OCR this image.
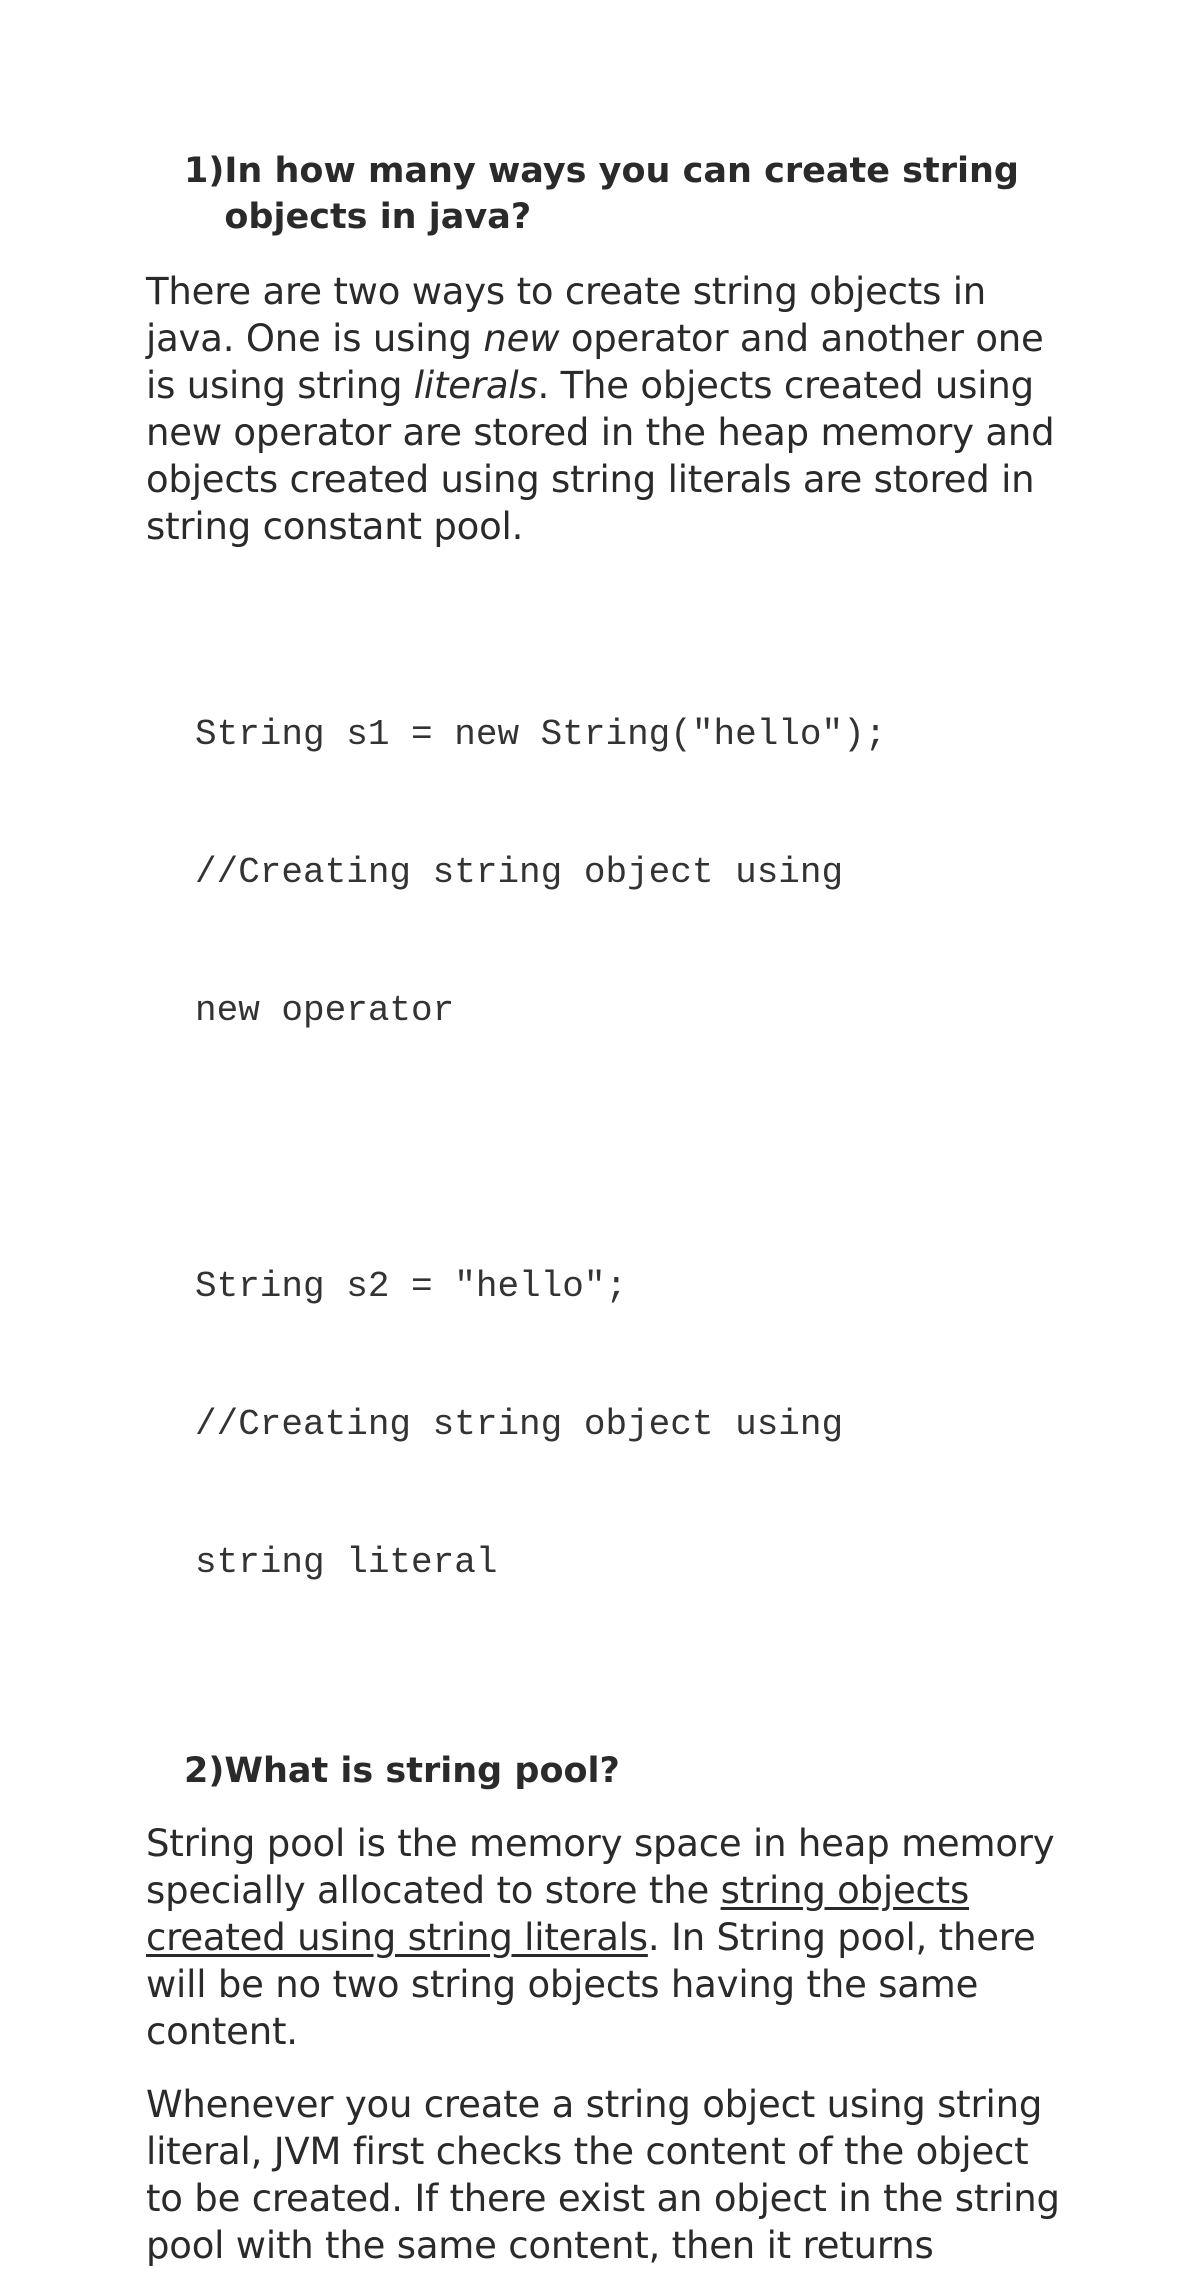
1) In how many ways you can create string objects in java?

There are two ways to create string objects in java. One is using new operator and another one is using string literals. The objects created using new operator are stored in the heap memory and objects created using string literals are stored in string constant pool.

String s1 = new String("hello");

//Creating string object using

new operator

String s2 = "hello";

//Creating string object using

string literal

2) What is string pool?

String pool is the memory space in heap memory specially allocated to store the string objects created using string literals. In String pool, there will be no two string objects having the same content.

Whenever you create a string object using string literal, JVM first checks the content of the object to be created. If there exist an object in the string pool with the same content, then it returns
